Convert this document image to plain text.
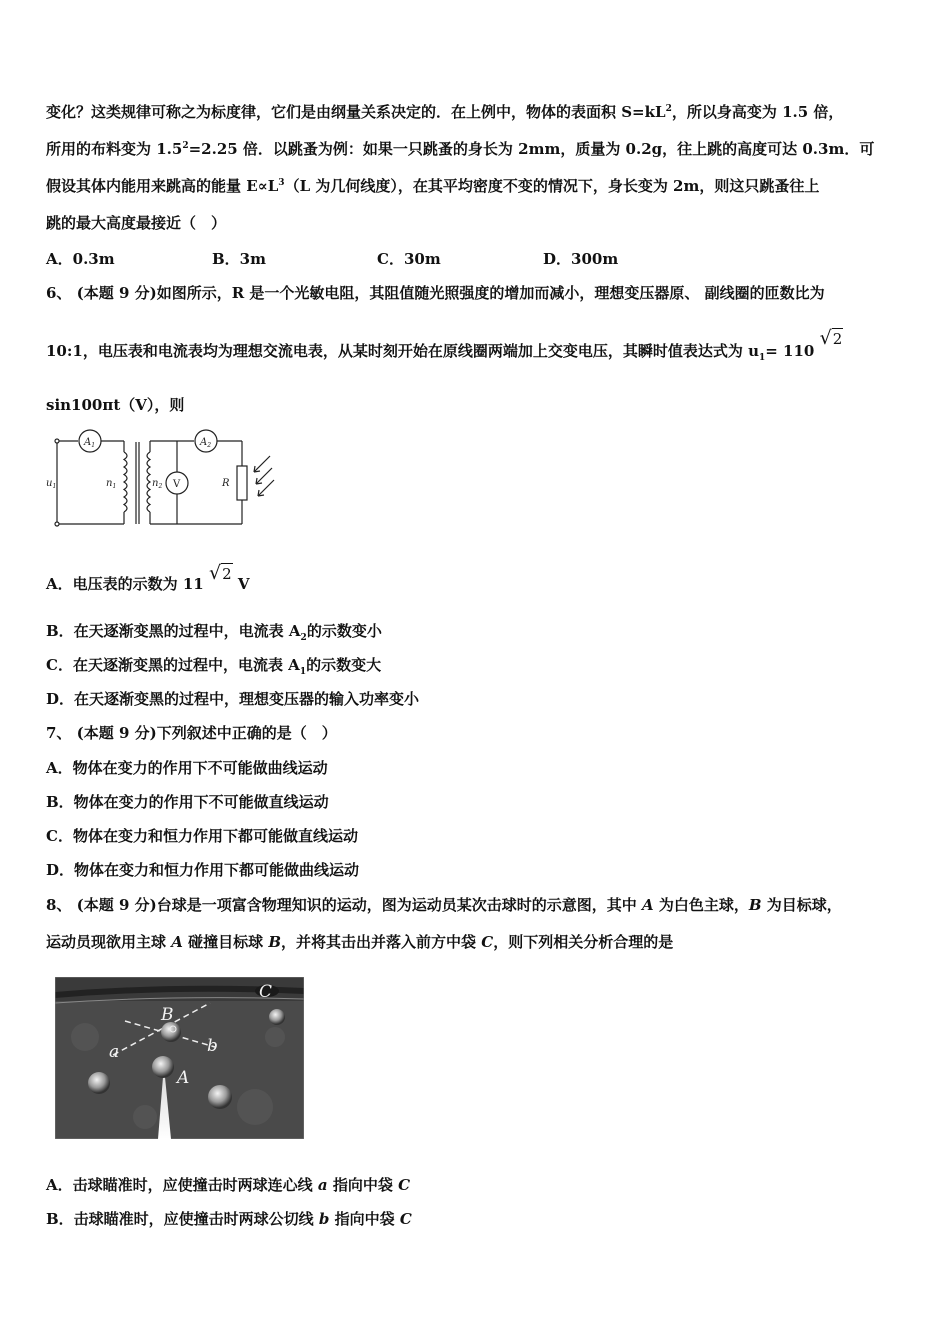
变化？这类规律可称之为标度律，它们是由纲量关系决定的．在上例中，物体的表面积 $S=kL^2$，所以身高变为 1.5 倍，
所用的布料变为 $1.5^2=2.25$ 倍．以跳蚤为例：如果一只跳蚤的身长为 2mm，质量为 0.2g，往上跳的高度可达 0.3m．可
假设其体内能用来跳高的能量 $E\propto L^3(L$ 为几何线度），在其平均密度不变的情况下，身长变为 2m，则这只跳蚤往上
跳的最大高度最接近（　）
A．0.3m	B．3m	C．30m	D．300m
6、 (本题 9 分)如图所示，R 是一个光敏电阻，其阻值随光照强度的增加而减小，理想变压器原、 副线圈的匝数比为
10:1，电压表和电流表均为理想交流电表，从某时刻开始在原线圈两端加上交变电压，其瞬时值表达式为 $u_1= 110$ √2
sin100πt（V），则
$A_1$	$A_2$
V
$u_1$	$n_1$	$n_2$	R
A．电压表的示数为 11 √2 V
B．在天逐渐变黑的过程中，电流表 $A_2$的示数变小
C．在天逐渐变黑的过程中，电流表 $A_1$的示数变大
D．在天逐渐变黑的过程中，理想变压器的输入功率变小
7、 (本题 9 分)下列叙述中正确的是（　）
A．物体在变力的作用下不可能做曲线运动
B．物体在变力的作用下不可能做直线运动
C．物体在变力和恒力作用下都可能做直线运动
D．物体在变力和恒力作用下都可能做曲线运动
8、 (本题 9 分)台球是一项富含物理知识的运动，图为运动员某次击球时的示意图，其中 A 为白色主球，B 为目标球，
运动员现欲用主球 A 碰撞目标球 B，并将其击出并落入前方中袋 C，则下列相关分析合理的是
C
B
a	b
A
A．击球瞄准时，应使撞击时两球连心线 a 指向中袋 C
B．击球瞄准时，应使撞击时两球公切线 b 指向中袋 C
